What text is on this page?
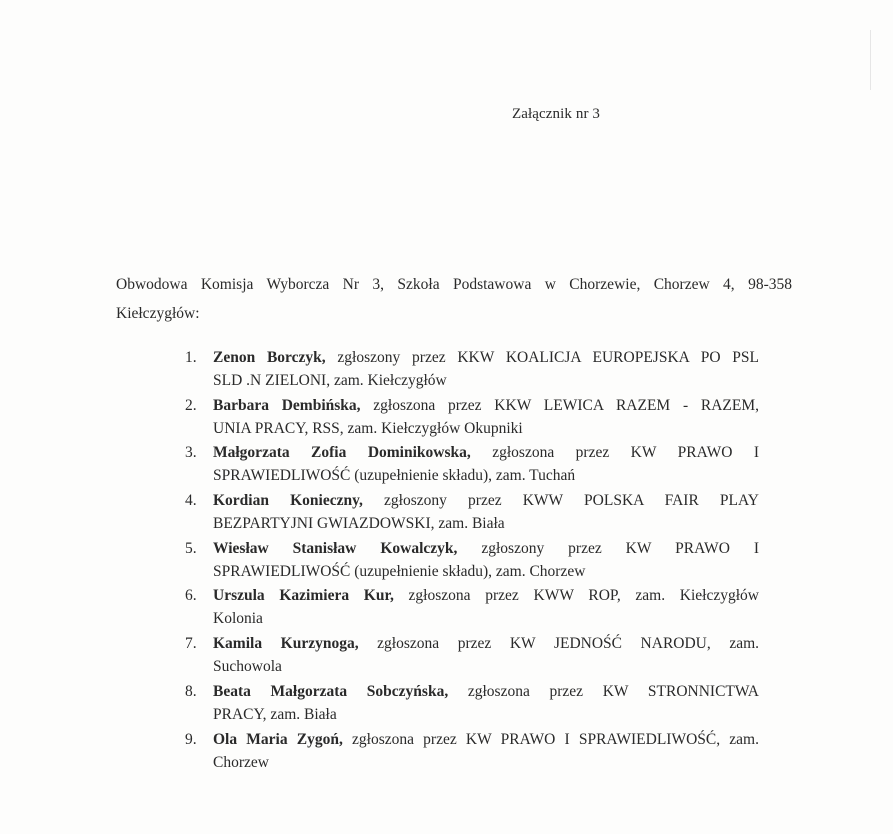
Załącznik nr 3
Obwodowa Komisja Wyborcza Nr 3, Szkoła Podstawowa w Chorzewie, Chorzew 4, 98-358
Kiełczygłów:
1. Zenon Borczyk, zgłoszony przez KKW KOALICJA EUROPEJSKA PO PSL
SLD .N ZIELONI, zam. Kiełczygłów
2. Barbara Dembińska, zgłoszona przez KKW LEWICA RAZEM - RAZEM,
UNIA PRACY, RSS, zam. Kiełczygłów Okupniki
3. Małgorzata Zofia Dominikowska, zgłoszona przez KW PRAWO I
SPRAWIEDLIWOŚĆ (uzupełnienie składu), zam. Tuchań
4. Kordian Konieczny, zgłoszony przez KWW POLSKA FAIR PLAY
BEZPARTYJNI GWIAZDOWSKI, zam. Biała
5. Wiesław Stanisław Kowalczyk, zgłoszony przez KW PRAWO I
SPRAWIEDLIWOŚĆ (uzupełnienie składu), zam. Chorzew
6. Urszula Kazimiera Kur, zgłoszona przez KWW ROP, zam. Kiełczygłów
Kolonia
7. Kamila Kurzynoga, zgłoszona przez KW JEDNOŚĆ NARODU, zam.
Suchowola
8. Beata Małgorzata Sobczyńska, zgłoszona przez KW STRONNICTWA
PRACY, zam. Biała
9. Ola Maria Zygoń, zgłoszona przez KW PRAWO I SPRAWIEDLIWOŚĆ, zam.
Chorzew
